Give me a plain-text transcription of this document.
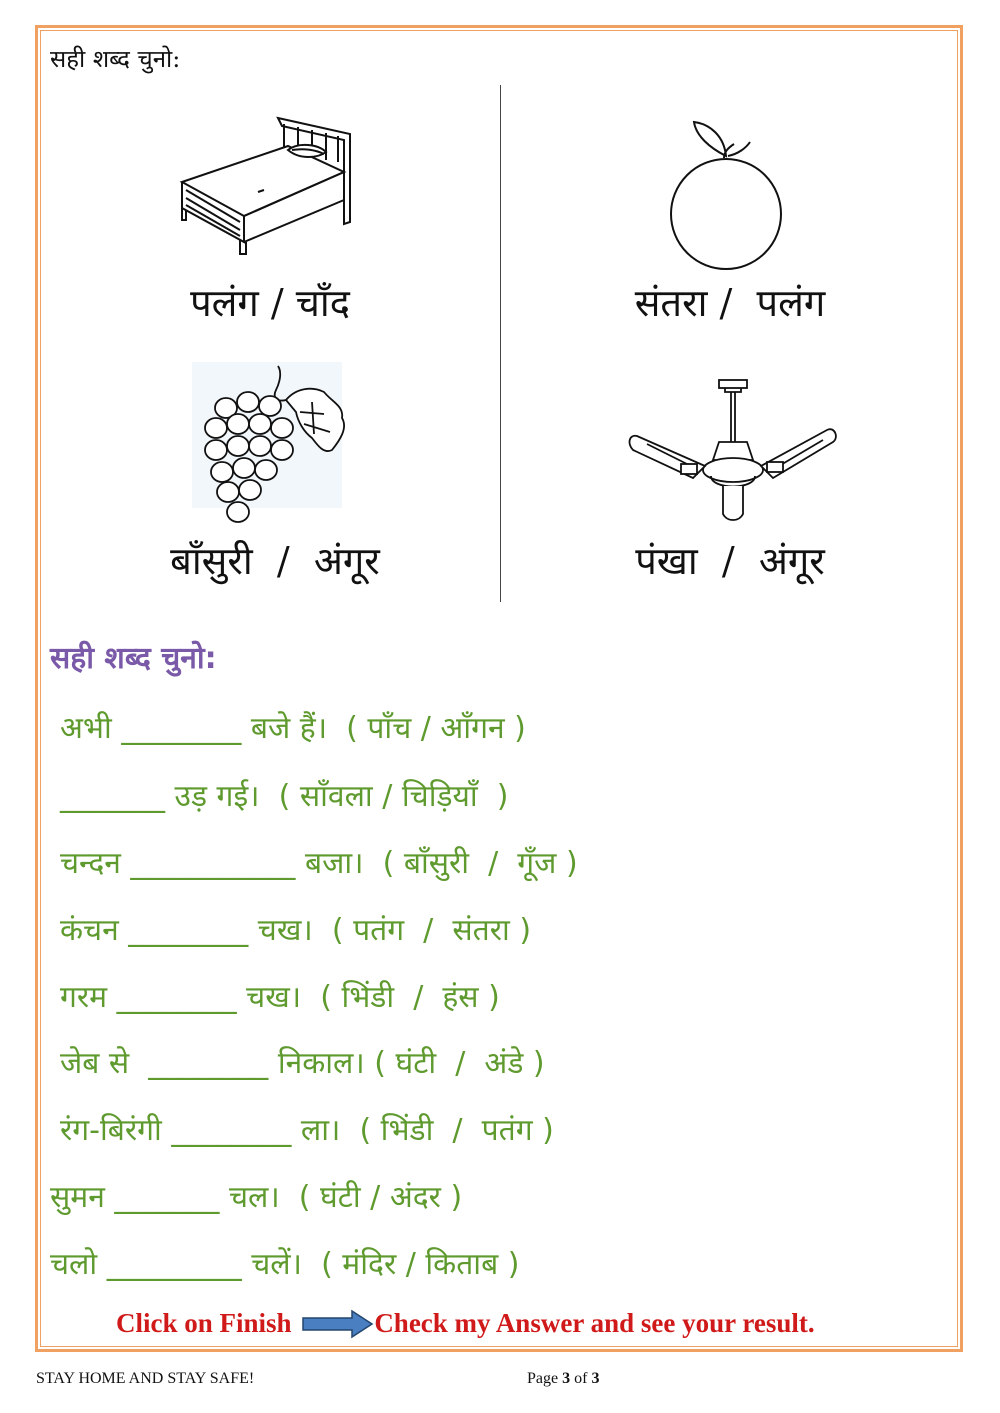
सही शब्द चुनो:
पलंग / चाँद	संतरा /  पलंग
बाँसुरी  /  अंगूर	पंखा  /  अंगूर
सही शब्द चुनो:
अभी ________ बजे हैं।  ( पाँच / आँगन )
_______ उड़ गई।  ( साँवला / चिड़ियाँ  )
चन्दन ___________ बजा।  ( बाँसुरी  /  गूँज )
कंचन ________ चख।  ( पतंग  /  संतरा )
गरम ________ चख।  ( भिंडी  /  हंस )
जेब से  ________ निकाल। ( घंटी  /  अंडे )
रंग-बिरंगी ________ ला।  ( भिंडी  /  पतंग )
सुमन _______ चल।  ( घंटी / अंदर )
चलो _________ चलें।  ( मंदिर / किताब )
Click on Finish	Check my Answer and see your result.
STAY HOME AND STAY SAFE!	Page 3 of 3
